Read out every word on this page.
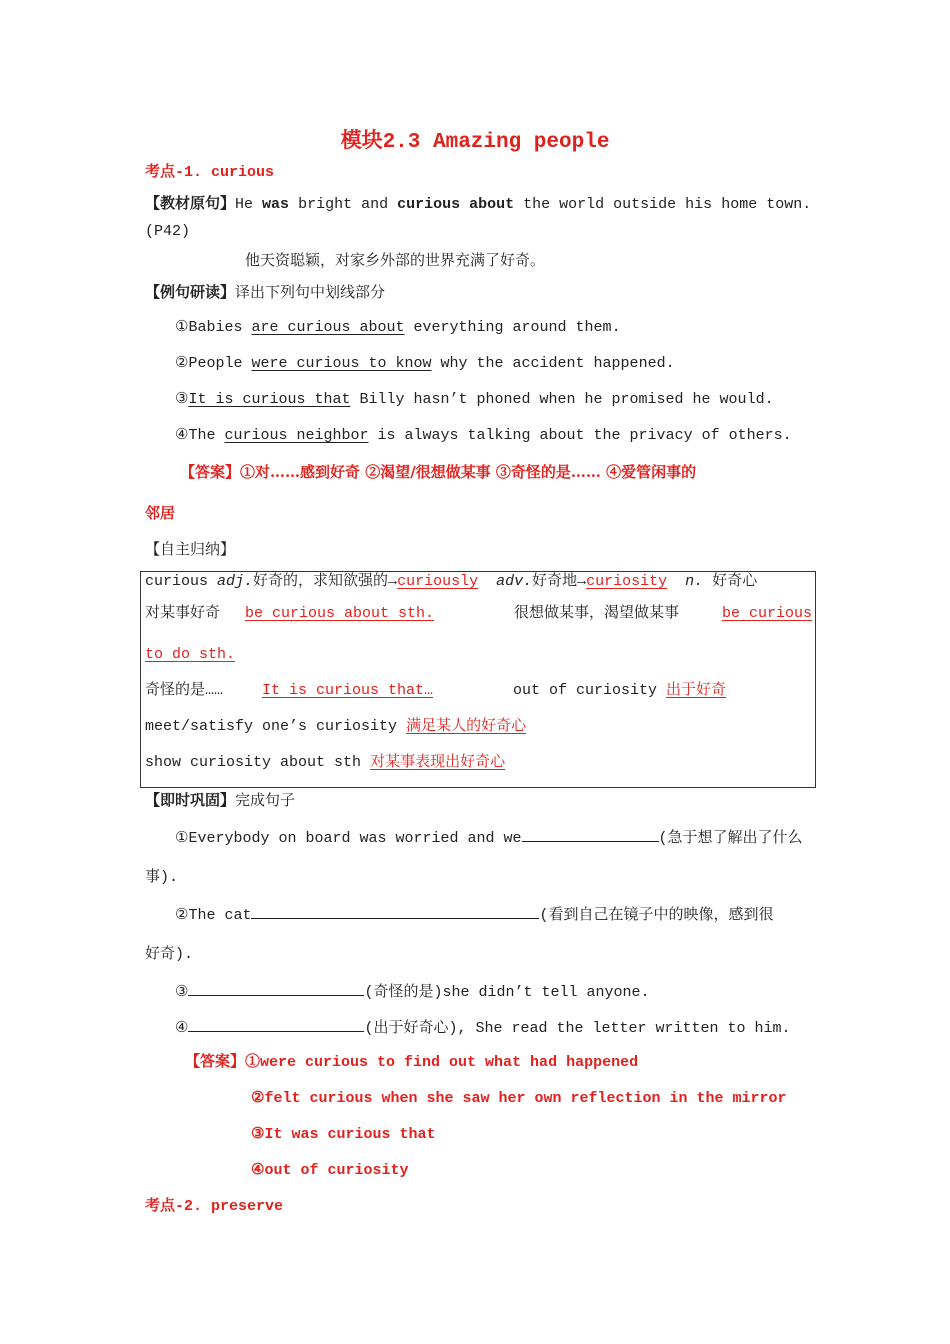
模块2.3 Amazing people
考点-1. curious
【教材原句】He was bright and curious about the world outside his home town.
(P42)
他天资聪颖，对家乡外部的世界充满了好奇。
【例句研读】译出下列句中划线部分
①Babies are curious about everything around them.
②People were curious to know why the accident happened.
③It is curious that Billy hasn’t phoned when he promised he would.
④The curious neighbor is always talking about the privacy of others.
【答案】①对……感到好奇 ②渴望/很想做某事 ③奇怪的是…… ④爱管闲事的
邻居
【自主归纳】
curious adj.好奇的，求知欲强的→curiously adv.好奇地→curiosity n. 好奇心
对某事好奇 be curious about sth.	很想做某事，渴望做某事	be curious
to do sth.
奇怪的是……	It is curious that…	out of curiosity 出于好奇
meet/satisfy one’s curiosity 满足某人的好奇心
show curiosity about sth 对某事表现出好奇心
【即时巩固】完成句子
①Everybody on board was worried and we	(急于想了解出了什么
事).
②The cat	(看到自己在镜子中的映像，感到很
好奇).
③	(奇怪的是)she didn’t tell anyone.
④	(出于好奇心), She read the letter written to him.
【答案】①were curious to find out what had happened
②felt curious when she saw her own reflection in the mirror
③It was curious that
④out of curiosity
考点-2. preserve
